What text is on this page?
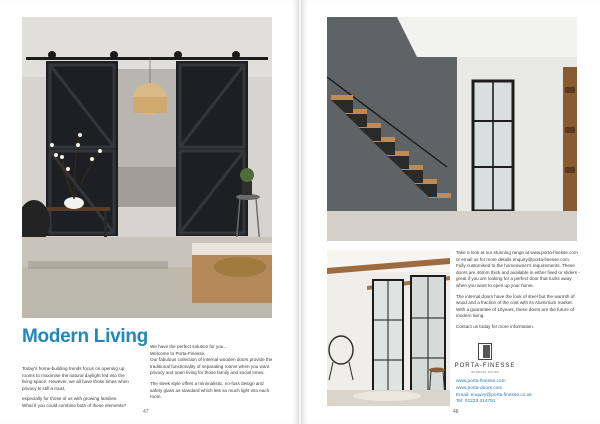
Modern Living

Today's home-building trends focus on opening up rooms to maximise the natural daylight fed into the living space. However, we all have those times when privacy is still a must,

especially for those of us with growing families.

What if you could combine both of these elements?

We have the perfect solution for you...

Welcome to Porta-Finesse.

Our fabulous collection of internal wooden doors provide the traditional functionality of separating rooms when you want privacy and open living for those family and social times.

The sleek style offers a minimalistic, no-fuss design and safety glass as standard which lets so much light into each room.

47

Take a look at our stunning range at www.porta-finesse.com or email us for more details enquiry@porta-finesse.com.

Fully customised to the homeowner's requirements. These doors are 46mm thick and available in either fixed or sliders - great if you are looking for a perfect door that tucks away when you want to open up your home.

The internal doors have the look of steel but the warmth of wood and a fraction of the cost with its Aluminium market. With a guarantee of 10years, these doors are the future of modern living.

Contact us today for more information.

PORTA-FINESSE
INTERNAL DOORS
www.porta-finesse.com
www.porta-doors.com
Email: enquiry@porta-finesse.co.uk
Tel: 01233 214791
48
